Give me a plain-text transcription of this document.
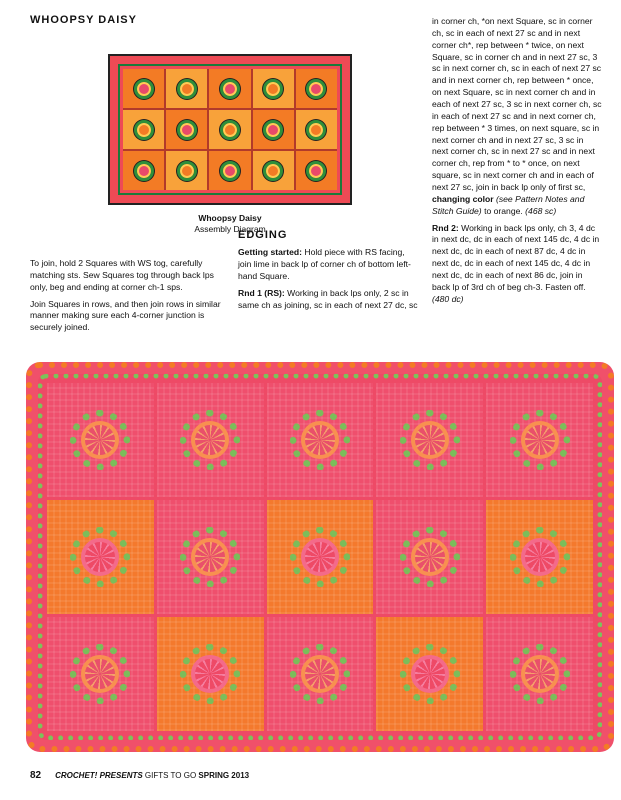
WHOOPSY DAISY
Whoopsy Daisy
Assembly Diagram

To join, hold 2 Squares with WS tog, carefully matching sts. Sew Squares tog through back lps only, beg and ending at corner ch-1 sps.

Join Squares in rows, and then join rows in similar manner making sure each 4-corner junction is securely joined.

EDGING

Getting started: Hold piece with RS facing, join lime in back lp of corner ch of bottom left-hand Square.

Rnd 1 (RS): Working in back lps only, 2 sc in same ch as joining, sc in each of next 27 dc, sc

in corner ch, *on next Square, sc in corner ch, sc in each of next 27 sc and in next corner ch*, rep between * twice, on next Square, sc in corner ch and in next 27 sc, 3 sc in next corner ch, sc in each of next 27 sc and in next corner ch, rep between * once, on next Square, sc in next corner ch and in each of next 27 sc, 3 sc in next corner ch, sc in each of next 27 sc and in next corner ch, rep between * 3 times, on next square, sc in next corner ch and in next 27 sc, 3 sc in next corner ch, sc in next 27 sc and in next corner ch, rep from * to * once, on next square, sc in next corner ch and in each of next 27 sc, join in back lp only of first sc, changing color (see Pattern Notes and Stitch Guide) to orange. (468 sc)

Rnd 2: Working in back lps only, ch 3, 4 dc in next dc, dc in each of next 145 dc, 4 dc in next dc, dc in each of next 87 dc, 4 dc in next dc, dc in each of next 145 dc, 4 dc in next dc, dc in each of next 86 dc, join in back lp of 3rd ch of beg ch-3. Fasten off. (480 dc)

82 CROCHET! PRESENTS GIFTS TO GO SPRING 2013
